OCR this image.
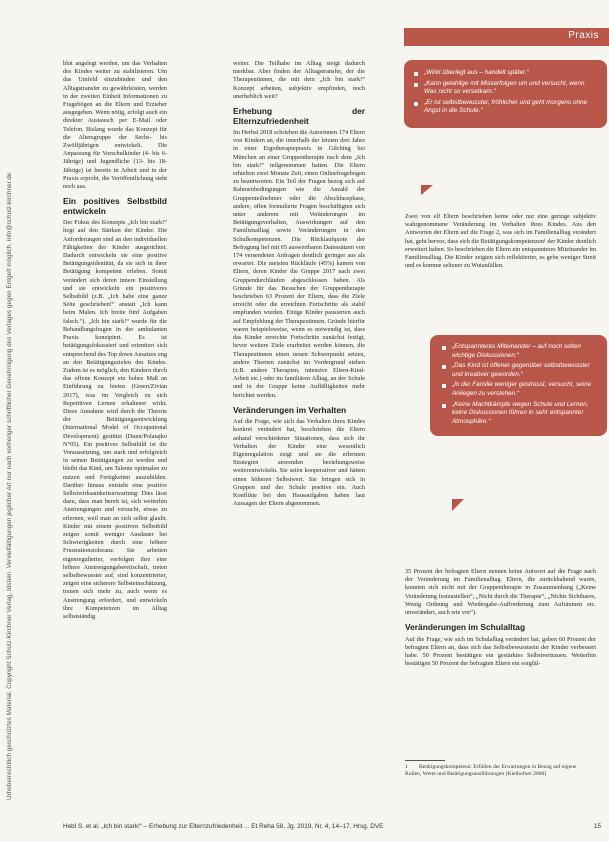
Urheberrechtlich geschütztes Material. Copyright Schulz-Kirchner Verlag, Idstein. Vervielfältigungen jeglicher Art nur nach vorheriger schriftlicher Genehmigung des Verlages gegen Entgelt möglich. info@schulz-kirchner.de
Praxis

blut angelegt werden, um das Verhalten des Kindes weiter zu stabilisieren. Um das Umfeld einzubinden und den Alltagstransfer zu gewährleisten, werden in der zweiten Einheit Informationen zu Fragebögen an die Eltern und Erzieher ausgegeben. Wenn nötig, erfolgt auch ein direkter Austausch per E-Mail oder Telefon. Bislang wurde das Konzept für die Altersgruppe der Sechs- bis Zwölfjährigen entwickelt. Die Anpassung für Vorschulkinder (4- bis 6-Jährige) und Jugendliche (13- bis 18-Jährige) ist bereits in Arbeit und in der Praxis erprobt, die Veröffentlichung steht noch aus.

Ein positives Selbstbild entwickeln

Der Fokus des Konzepts „Ich bin stark!“ liegt auf den Stärken der Kinder. Die Anforderungen sind an den individuellen Fähigkeiten der Kinder ausgerichtet. Dadurch entwickeln sie eine positive Betätigungsidentität, da sie sich in ihrer Betätigung kompetent erleben. Somit verändert sich deren innere Einstellung und sie entwickeln ein positiveres Selbstbild (z.B. „Ich habe eine ganze Seite geschrieben!“ anstatt „Ich kann beim Malen. Ich breite fünf Aufgaben falsch.“). „Ich bin stark!“ wurde für die Behandlungsfragen in der ambulanten Praxis konzipiert. Es ist betätigungsfokussiert und orientiert sich entsprechend des Top down Ansatzes eng an den Betätigungszielen des Kindes. Zudem ist es möglich, den Kindern durch das offene Konzept ein hohes Maß an Einführung zu bieten (Green/Zivian 2017), was im Vergleich zu sich Repetitiven Lernen erhaltener wirkt. Diese Annahme wird durch die Theorie der Betätigungsentwicklung (International Model of Occupational Development) gestützt (Dunn/Polatajko N°05). Ein positives Selbstbild ist die Voraussetzung, um stark und erfolgreich in seinen Betätigungen zu werden und bleibt das Kind, um Talente optimalen zu nutzen und Fertigkeiten auszubilden. Darüber hinaus entsteht eine positive Selbstwirksamkeitserwartung: Dies lässt dazu, dass man bereit ist, sich weiterhin Anstrengungen und versucht, etwas zu erlernen, weil man an sich selbst glaubt. Kinder mit einem positiven Selbstbild zeigen somit weniger Ausdauer bei Schwierigkeiten durch eine höhere Frustrationstoleranz. Sie arbeiten eigenregulierter, verfolgen ihre eine höhere Anstrengungsbereitschaft, treten selbstbewusster auf, sind konzentrierter, zeigen eine sicherere Selbsteinschätzung, trauen sich mehr zu, auch wenn es Anstrengung erfordert, und entwickeln ihre Kompetenzen im Alltag selbstständig

weiter. Die Teilhabe im Alltag steigt dadurch merkbar. Aber finden der Alltagstransfer, der die Therapeutinnen, die mit dem „Ich bin stark!“ Konzept arbeiten, subjektiv empfinden, noch unerheblich weit?

Erhebung der Elternzufriedenheit

Im Herbst 2018 schrieben die Autorinnen 174 Eltern von Kindern an, die innerhalb der letzten drei Jahre in einer Ergotherapiepraxis in Gilching bei München an einer Gruppentherapie nach dem „Ich bin stark!“ teilgenommen hatten. Die Eltern erhielten zwei Monate Zeit, einen Onlinefragebogen zu beantworten. Ein Teil der Fragen bezog sich auf Rahmenbedingungen wie die Anzahl der Gruppenteilnehmer oder die Abschlussphase, andere, offen formulierte Fragen beschäftigten sich unter anderem mit Veränderungen im Betätigungsverhalten, Auswirkungen auf den Familienalltag sowie Veränderungen in den Schulkompetenzen. Die Rücklaufquote der Befragung lief mit 65 auswertbaren Datensätzen von 174 versendeten Anfragen deutlich geringer aus als erwartet. Die meisten Rückläufe (45%) kamen von Eltern, deren Kinder die Gruppe 2017 nach zwei Gruppendurchläufen abgeschlossen haben. Als Gründe für das Besuchen der Gruppentherapie beschrieben 63 Prozent der Eltern, dass die Ziele erreicht oder die erreichten Fortschritte als stabil empfunden wurden. Einige Kinder pausierten auch auf Empfehlung der Therapeutinnen. Gründe hierfür waren beispielsweise, wenn es notwendig ist, dass das Kinder erreichte Fortschritte zunächst festigt, bevor weitere Ziele erarbeitet werden können, die Therapeutinnen einen neuen Schwerpunkt setzen, andere Themen zunächst im Vordergrund stehen (z.B. andere Therapien, intensive Eltern-Kind-Arbeit etc.) oder im familiären Alltag, an der Schule und in der Gruppe keine Auffälligkeiten mehr berichtet werden.

Veränderungen im Verhalten

Auf die Frage, wie sich das Verhalten ihres Kindes konkret verändert hat, beschrieben die Eltern anhand verschiedener Situationen, dass sich ihr Verhalten der Kinder eine wesentlich Eigenregulation zeigt und sie die erlernten Strategien anwenden beziehungsweise weiterentwickeln. Sie seien kooperativer und hätten einen höheren Selbstwert. Sie bringen sich in Gruppen und der Schule positive ein. Auch Konflikte bei den Hausaufgaben haben laut Aussagen der Eltern abgenommen.

„Wirkt überlegt aus – handelt später.“
„Kann gelahlige mit Misserfolgen um und versucht, wenn Was nicht so versetkam.“
„Er ist selbstbewusster, fröhlicher und geht morgens ohne Angst in die Schule.“

Zwei von elf Eltern beschrieben keine oder nur eine geringe subjektiv wahrgenommene Veränderung im Verhalten ihres Kindes. Aus den Antworten der Eltern auf die Frage 2, was sich im Familienalltag verändert hat, geht hervor, dass sich die Betätigungskompetenzen¹ der Kinder deutlich erweitert haben. So beschrieben die Eltern ein entspannteres Miteinander im Familienalltag. Die Kinder zeigten sich reflektierter, es gebe weniger Streit und es komme seltener zu Wutanfällen.

„Entspannteres Miteinander – auf noch selten wichtige Diskussionen.“
„Das Kind ist offener gegenüber selbstbewusster und kreativer geworden.“
„In der Familie weniger gestresst, versucht, seine Anliegen zu verstehen.“
„Keine Machtkämpfe wegen Schule und Lernen, keine Diskussionen führen in sehr entspannter Atmosphäre.“

35 Prozent der befragten Eltern nennen keine Antwort auf die Frage nach der Veränderung im Familienalltag. Eltern, die zurückhaltend waren, konnten sich nicht mit der Gruppentherapie in Zusammenhang („Keine Veränderung festzustellen“, „Nicht durch die Therapie“, „Nichts Sichtbares, Wenig Ordnung und Wiedergabe-Aufforderung zum Aufräumen etc. unverändert, auch wie vor“).

Veränderungen im Schulalltag

Auf die Frage, wie sich im Schulalltag verändert hat, gaben 60 Prozent der befragten Eltern an, dass sich das Selbstbewusstsein der Kinder verbessert habe. 50 Prozent bestätigen ein gestärktes Selbstvertrauen. Weiterhin bestätigen 50 Prozent der befragten Eltern ein sorgfäl-

1 Betätigungskompetenz: Erfüllen der Erwartungen in Bezug auf eigene Rollen, Werte und Betätigungsausführungen (Kielhofner 2008)
Hebl S. et al. „Ich bin stark!“ – Erhebung zur Elternzufriedenheit ... Et Reha 58, Jg. 2019, Nr. 4, 14–17, Hrsg. DVE	15
